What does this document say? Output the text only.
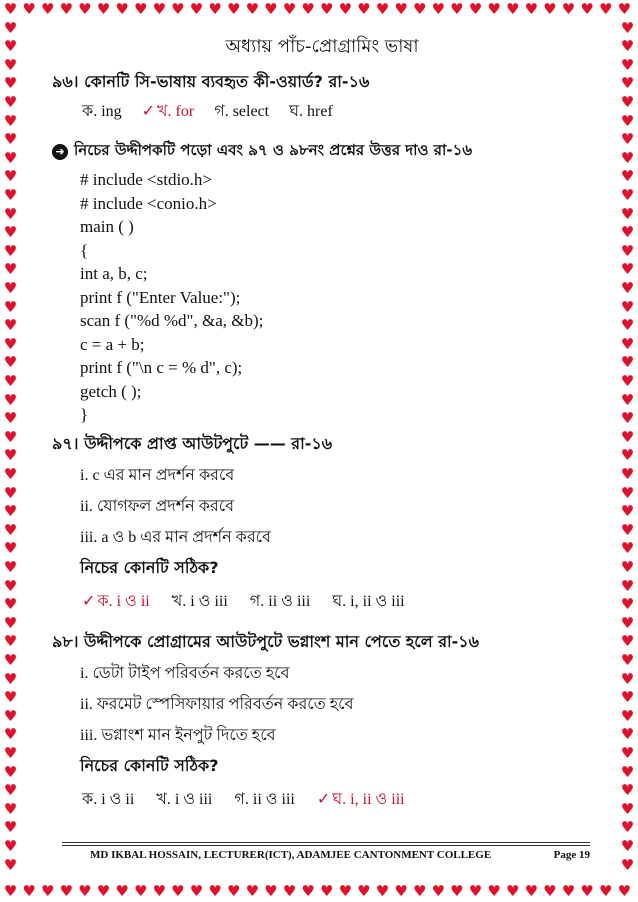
♥
♥
♥
♥
♥
♥
♥
♥
♥
♥
♥
♥
♥
♥
♥
♥
♥
♥
♥
♥
♥
♥
♥
♥
♥
♥
♥
♥
♥
♥
♥
♥
♥
♥
♥
♥
♥
♥
♥
♥
♥
♥
♥
♥
♥
♥
♥
♥
♥
♥
♥
♥
♥
♥
♥
♥
♥
♥
♥
♥
♥
♥
♥
♥
♥
♥
♥
♥
♥	♥
♥	♥
♥	♥
♥	♥
♥	♥
♥	♥
♥	♥
♥	♥
♥	♥
♥	♥
♥	♥
♥	♥
♥	♥
♥	♥
♥	♥
♥	♥
♥	♥
♥	♥
♥	♥
♥	♥
♥	♥
♥	♥
♥	♥
♥	♥
♥	♥
♥	♥
♥	♥
♥	♥
♥	♥
♥	♥
♥	♥
♥	♥
♥	♥
♥	♥
♥	♥
♥	♥
♥	♥
♥	♥
♥	♥
♥	♥
♥	♥
♥	♥
♥	♥
♥	♥
♥	♥
♥	♥
অধ্যায় পাঁচ-প্রোগ্রামিং ভাষা
৯৬। কোনটি সি-ভাষায় ব্যবহৃত কী-ওয়ার্ড? রা-১৬
ক. ing ✓ খ. for গ. select ঘ. href
➜ নিচের উদ্দীপকটি পড়ো এবং ৯৭ ও ৯৮নং প্রশ্নের উত্তর দাও রা-১৬
# include <stdio.h>
# include <conio.h>
main ( )
{
int a, b, c;
print f ("Enter Value:");
scan f ("%d %d", &a, &b);
c = a + b;
print f ("\n c = % d", c);
getch ( );
}
৯৭। উদ্দীপকে প্রাপ্ত আউটপুটে —— রা-১৬
i. c এর মান প্রদর্শন করবে
ii. যোগফল প্রদর্শন করবে
iii. a ও b এর মান প্রদর্শন করবে
নিচের কোনটি সঠিক?
✓ ক. i ও ii খ. i ও iii গ. ii ও iii ঘ. i, ii ও iii
৯৮। উদ্দীপকে প্রোগ্রামের আউটপুটে ভগ্নাংশ মান পেতে হলে রা-১৬
i. ডেটা টাইপ পরিবর্তন করতে হবে
ii. ফরমেট স্পেসিফায়ার পরিবর্তন করতে হবে
iii. ভগ্নাংশ মান ইনপুট দিতে হবে
নিচের কোনটি সঠিক?
ক. i ও ii খ. i ও iii গ. ii ও iii ✓ ঘ. i, ii ও iii
MD IKBAL HOSSAIN, LECTURER(ICT), ADAMJEE CANTONMENT COLLEGE	Page 19
